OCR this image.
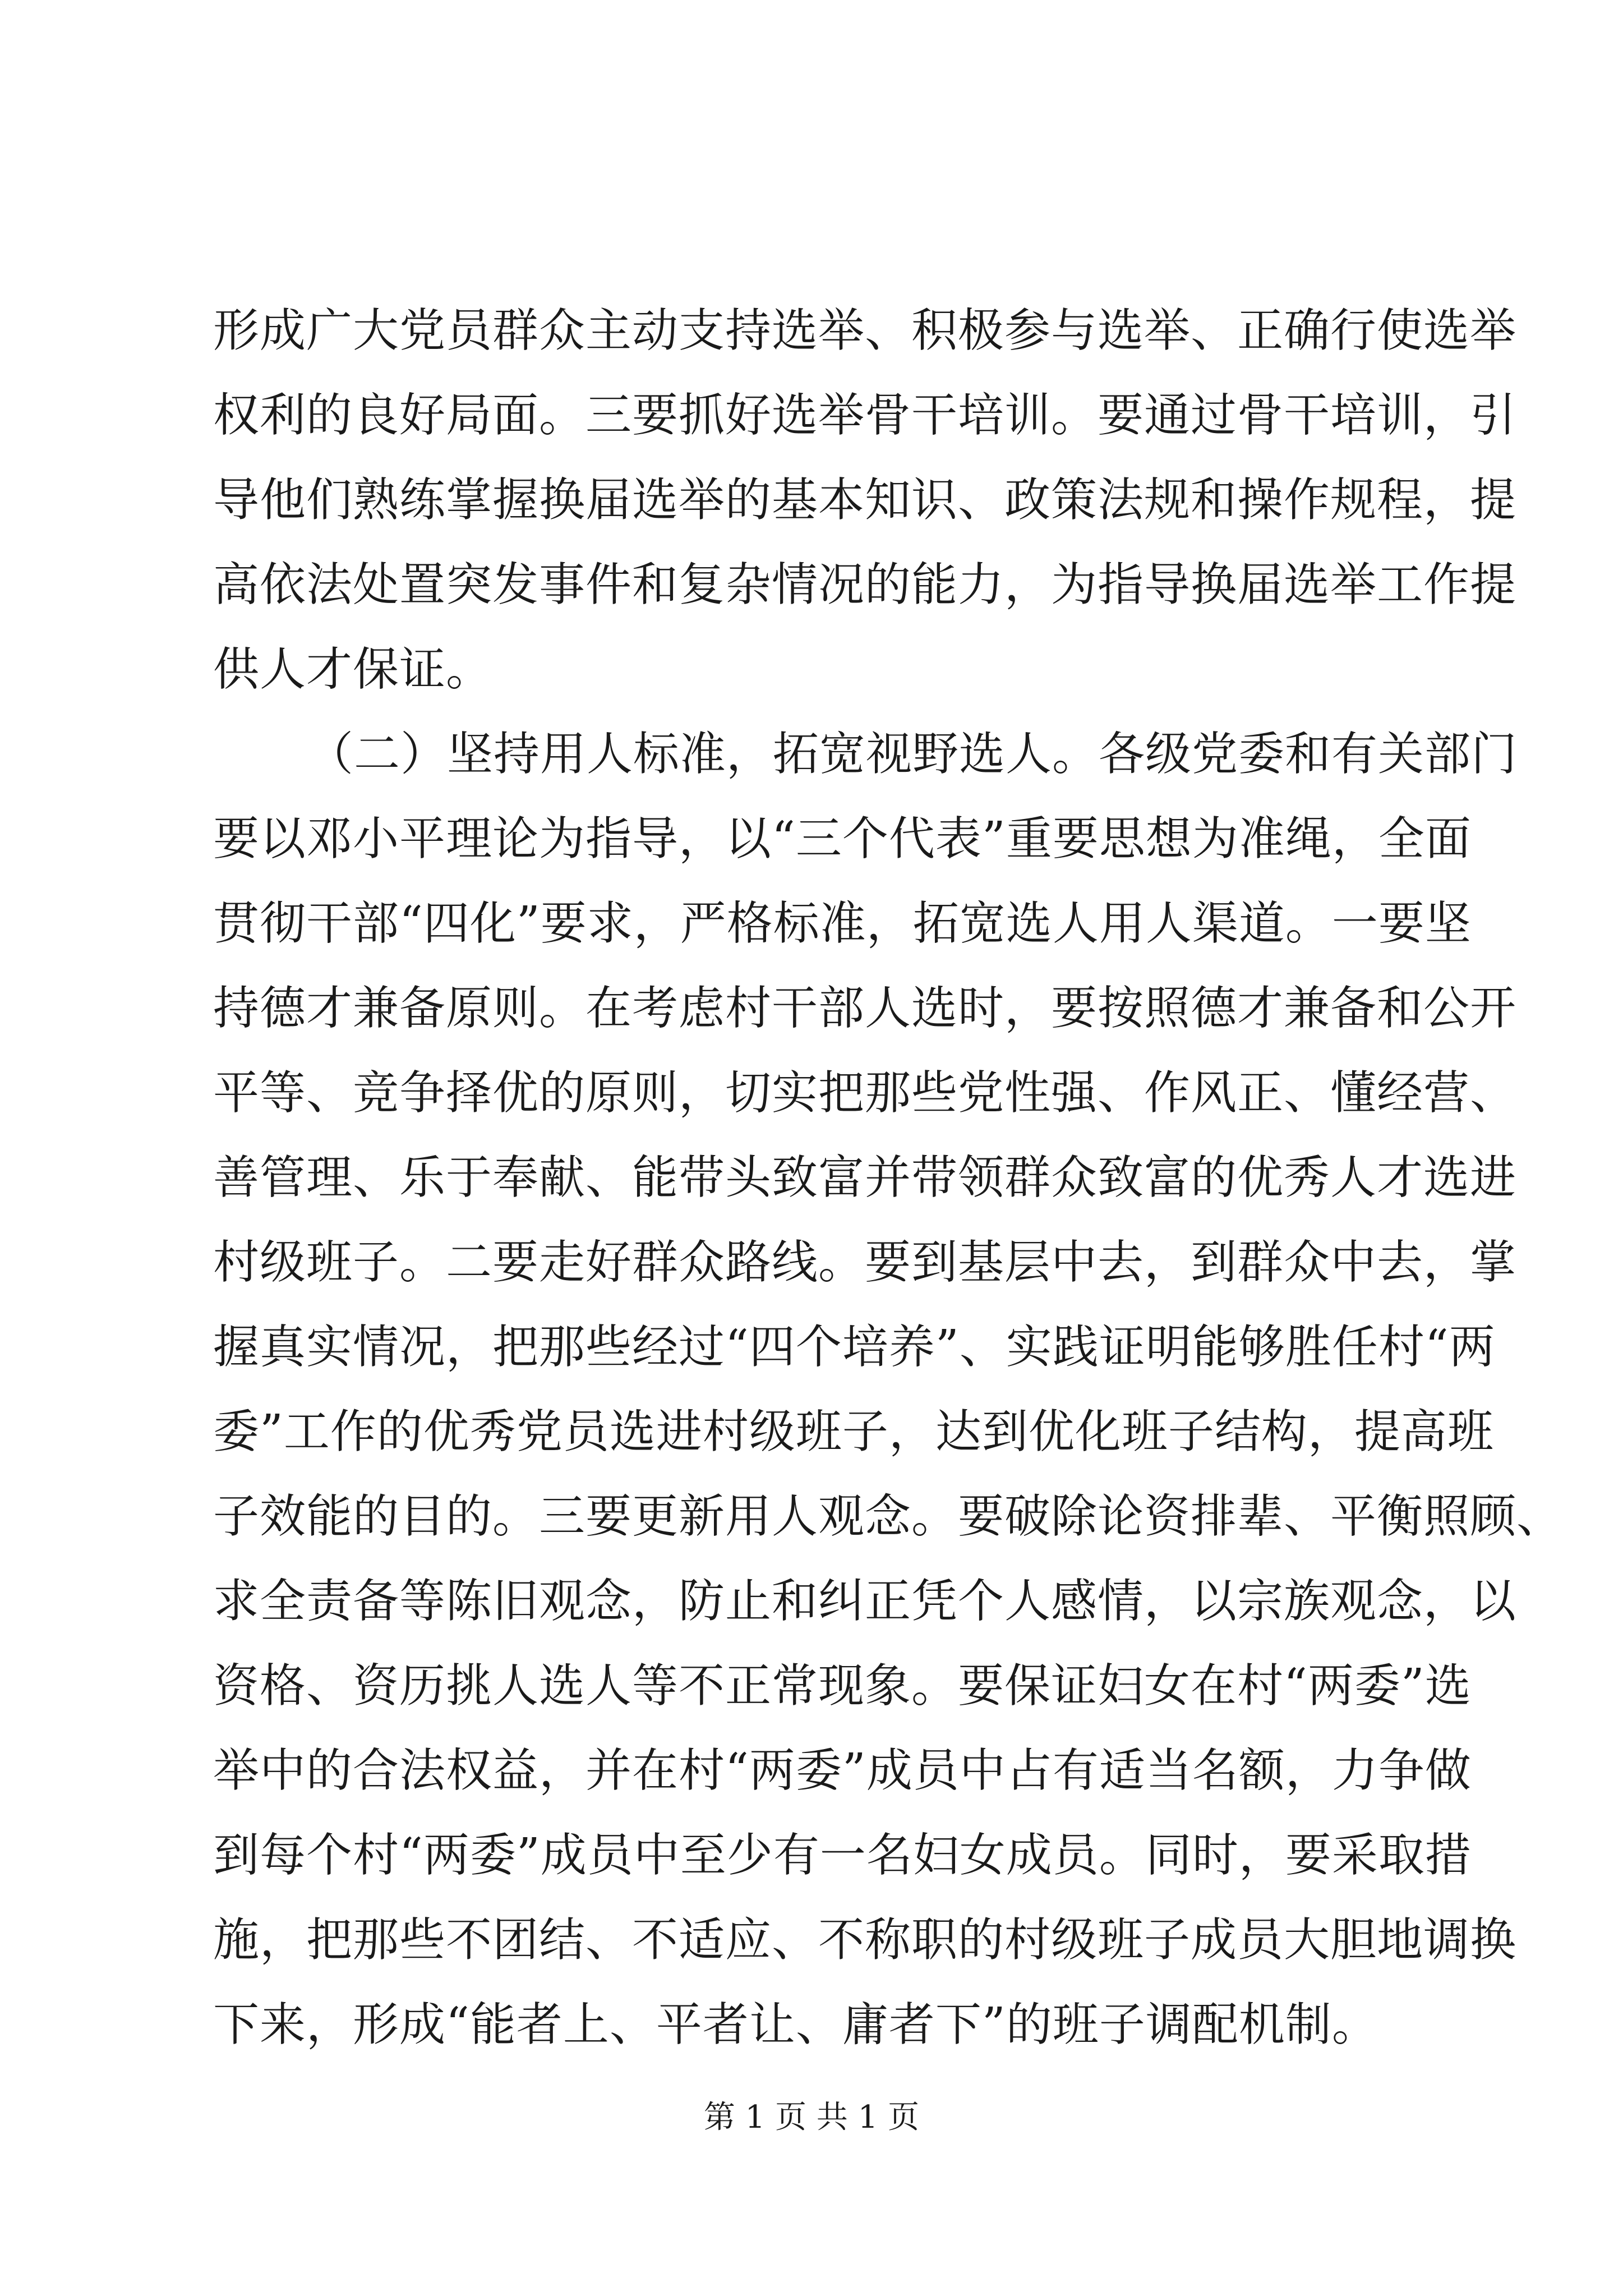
形成广大党员群众主动支持选举、积极参与选举、正确行使选举
权利的良好局面。三要抓好选举骨干培训。要通过骨干培训，引
导他们熟练掌握换届选举的基本知识、政策法规和操作规程，提
高依法处置突发事件和复杂情况的能力，为指导换届选举工作提
供人才保证。
（二）坚持用人标准，拓宽视野选人。各级党委和有关部门
要以邓小平理论为指导，以“三个代表”重要思想为准绳，全面
贯彻干部“四化”要求，严格标准，拓宽选人用人渠道。一要坚
持德才兼备原则。在考虑村干部人选时，要按照德才兼备和公开
平等、竞争择优的原则，切实把那些党性强、作风正、懂经营、
善管理、乐于奉献、能带头致富并带领群众致富的优秀人才选进
村级班子。二要走好群众路线。要到基层中去，到群众中去，掌
握真实情况，把那些经过“四个培养”、实践证明能够胜任村“两
委”工作的优秀党员选进村级班子，达到优化班子结构，提高班
子效能的目的。三要更新用人观念。要破除论资排辈、平衡照顾、
求全责备等陈旧观念，防止和纠正凭个人感情，以宗族观念，以
资格、资历挑人选人等不正常现象。要保证妇女在村“两委”选
举中的合法权益，并在村“两委”成员中占有适当名额，力争做
到每个村“两委”成员中至少有一名妇女成员。同时，要采取措
施，把那些不团结、不适应、不称职的村级班子成员大胆地调换
下来，形成“能者上、平者让、庸者下”的班子调配机制。
第 1 页 共 1 页
